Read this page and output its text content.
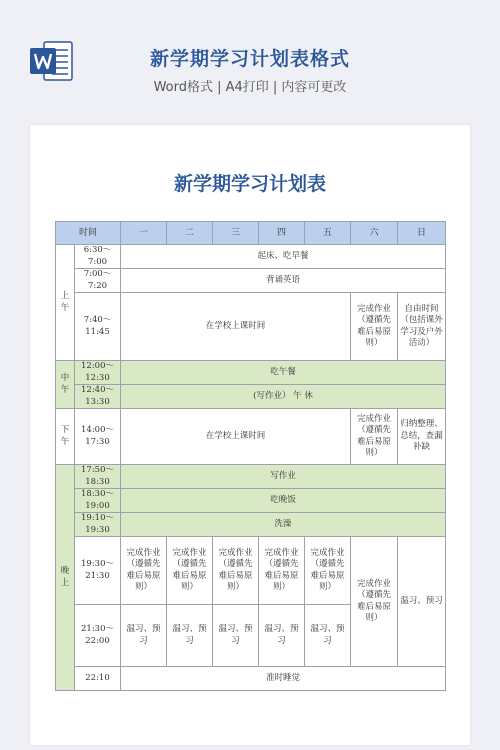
新学期学习计划表格式
Word格式 | A4打印 | 内容可更改
新学期学习计划表
时间		一	二	三	四	五	六	日
上午	6:30～7:00	起床、吃早餐						
	7:00～7:20	背诵英语						
	7:40～11:45	在学校上课时间					完成作业（遵循先难后易原则）	自由时间（包括课外学习及户外活动）
中午	12:00～12:30	吃午餐						
	12:40～13:30	(写作业） 午 休						
下午	14:00～17:30	在学校上课时间					完成作业（遵循先难后易原则）	归纳整理、总结，查漏补缺
晚上	17:50～18:30	写作业						
	18:30～19:00	吃晚饭						
	19:10～19:30	洗澡						
	19:30～21:30	完成作业（遵循先难后易原则）	完成作业（遵循先难后易原则）	完成作业（遵循先难后易原则）	完成作业（遵循先难后易原则）	完成作业（遵循先难后易原则）	完成作业（遵循先难后易原则）	温习、预习
	21:30～22:00	温习、预习	温习、预习	温习、预习	温习、预习	温习、预习		
	22:10	准时睡觉						
